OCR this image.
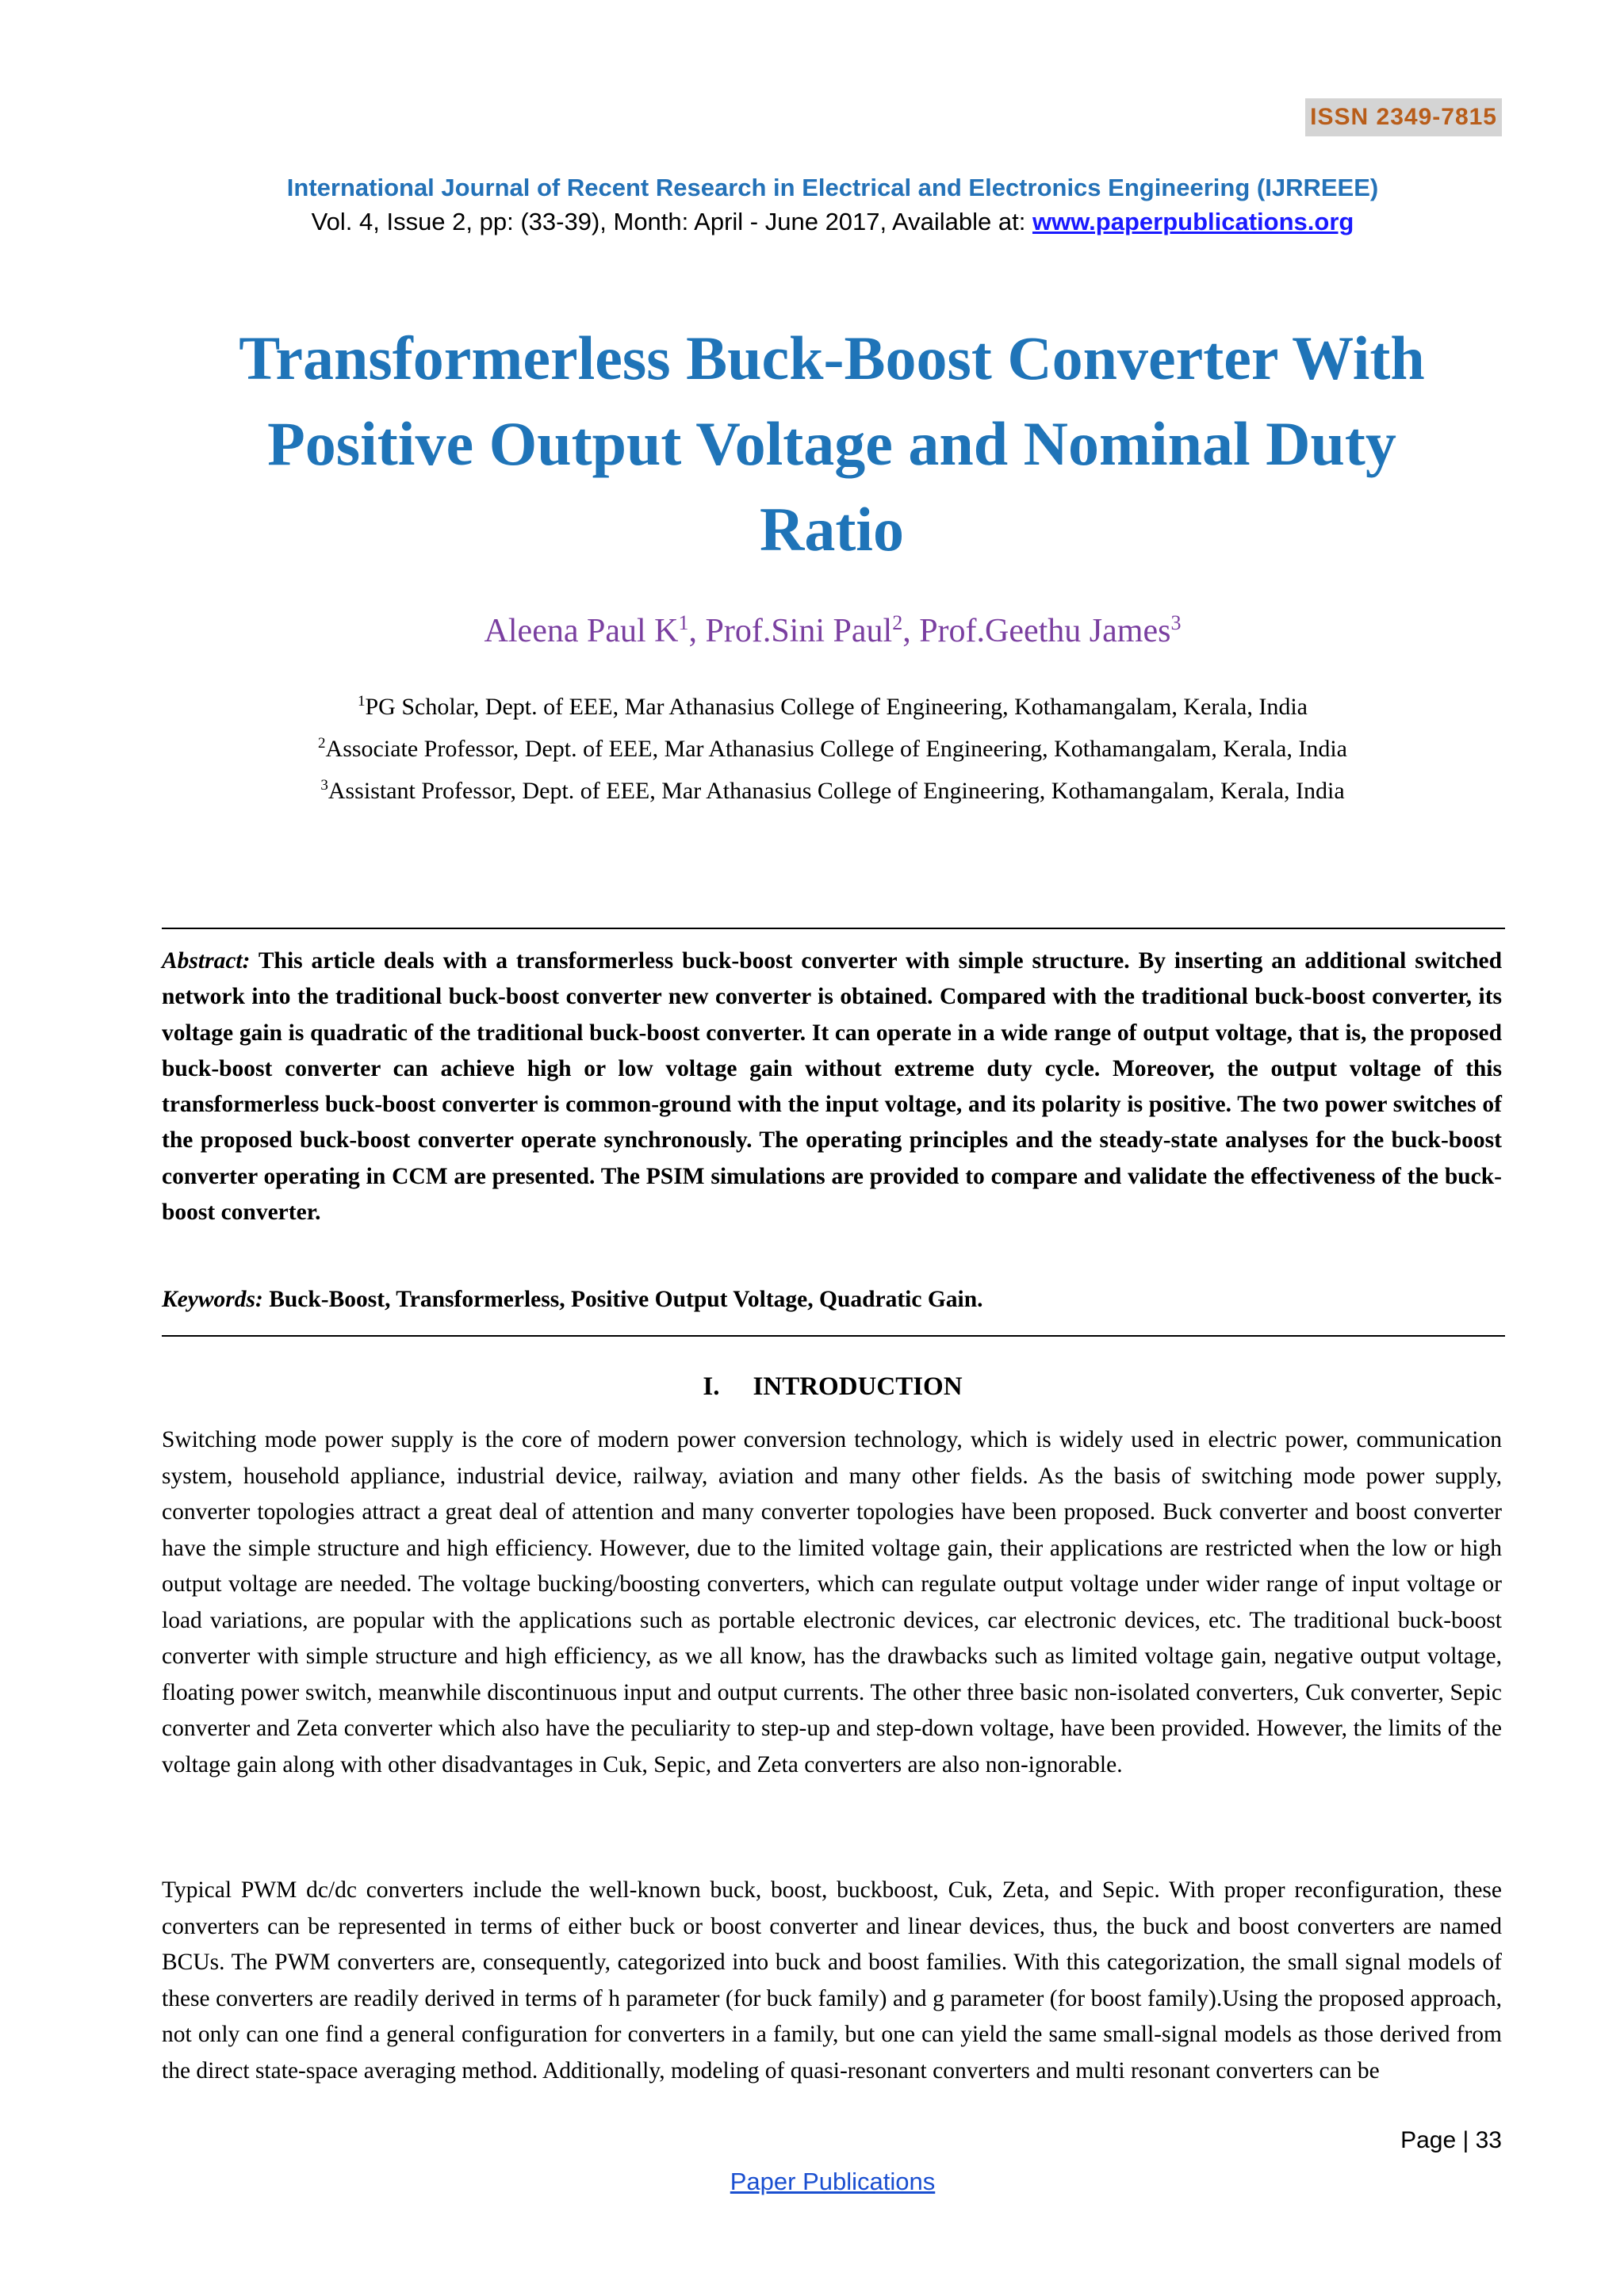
ISSN 2349-7815
International Journal of Recent Research in Electrical and Electronics Engineering (IJRREEE)
Vol. 4, Issue 2, pp: (33-39), Month: April - June 2017, Available at: www.paperpublications.org
Transformerless Buck-Boost Converter With
Positive Output Voltage and Nominal Duty
Ratio
Aleena Paul $K^1$, Prof.Sini Paul$^2$, Prof.Geethu James$^3$
$^1$PG Scholar, Dept. of EEE, Mar Athanasius College of Engineering, Kothamangalam, Kerala, India
$^2$Associate Professor, Dept. of EEE, Mar Athanasius College of Engineering, Kothamangalam, Kerala, India
$^3$Assistant Professor, Dept. of EEE, Mar Athanasius College of Engineering, Kothamangalam, Kerala, India
Abstract: This article deals with a transformerless buck-boost converter with simple structure. By inserting an additional switched network into the traditional buck-boost converter new converter is obtained. Compared with the traditional buck-boost converter, its voltage gain is quadratic of the traditional buck-boost converter. It can operate in a wide range of output voltage, that is, the proposed buck-boost converter can achieve high or low voltage gain without extreme duty cycle. Moreover, the output voltage of this transformerless buck-boost converter is common-ground with the input voltage, and its polarity is positive. The two power switches of the proposed buck-boost converter operate synchronously. The operating principles and the steady-state analyses for the buck-boost converter operating in CCM are presented. The PSIM simulations are provided to compare and validate the effectiveness of the buck-boost converter.
Keywords: Buck-Boost, Transformerless, Positive Output Voltage, Quadratic Gain.
I. INTRODUCTION

Switching mode power supply is the core of modern power conversion technology, which is widely used in electric power, communication system, household appliance, industrial device, railway, aviation and many other fields. As the basis of switching mode power supply, converter topologies attract a great deal of attention and many converter topologies have been proposed. Buck converter and boost converter have the simple structure and high efficiency. However, due to the limited voltage gain, their applications are restricted when the low or high output voltage are needed. The voltage bucking/boosting converters, which can regulate output voltage under wider range of input voltage or load variations, are popular with the applications such as portable electronic devices, car electronic devices, etc. The traditional buck-boost converter with simple structure and high efficiency, as we all know, has the drawbacks such as limited voltage gain, negative output voltage, floating power switch, meanwhile discontinuous input and output currents. The other three basic non-isolated converters, Cuk converter, Sepic converter and Zeta converter which also have the peculiarity to step-up and step-down voltage, have been provided. However, the limits of the voltage gain along with other disadvantages in Cuk, Sepic, and Zeta converters are also non-ignorable.

Typical PWM dc/dc converters include the well-known buck, boost, buckboost, Cuk, Zeta, and Sepic. With proper reconfiguration, these converters can be represented in terms of either buck or boost converter and linear devices, thus, the buck and boost converters are named BCUs. The PWM converters are, consequently, categorized into buck and boost families. With this categorization, the small signal models of these converters are readily derived in terms of h parameter (for buck family) and g parameter (for boost family).Using the proposed approach, not only can one find a general configuration for converters in a family, but one can yield the same small-signal models as those derived from the direct state-space averaging method. Additionally, modeling of quasi-resonant converters and multi resonant converters can be

Page | 33
Paper Publications
